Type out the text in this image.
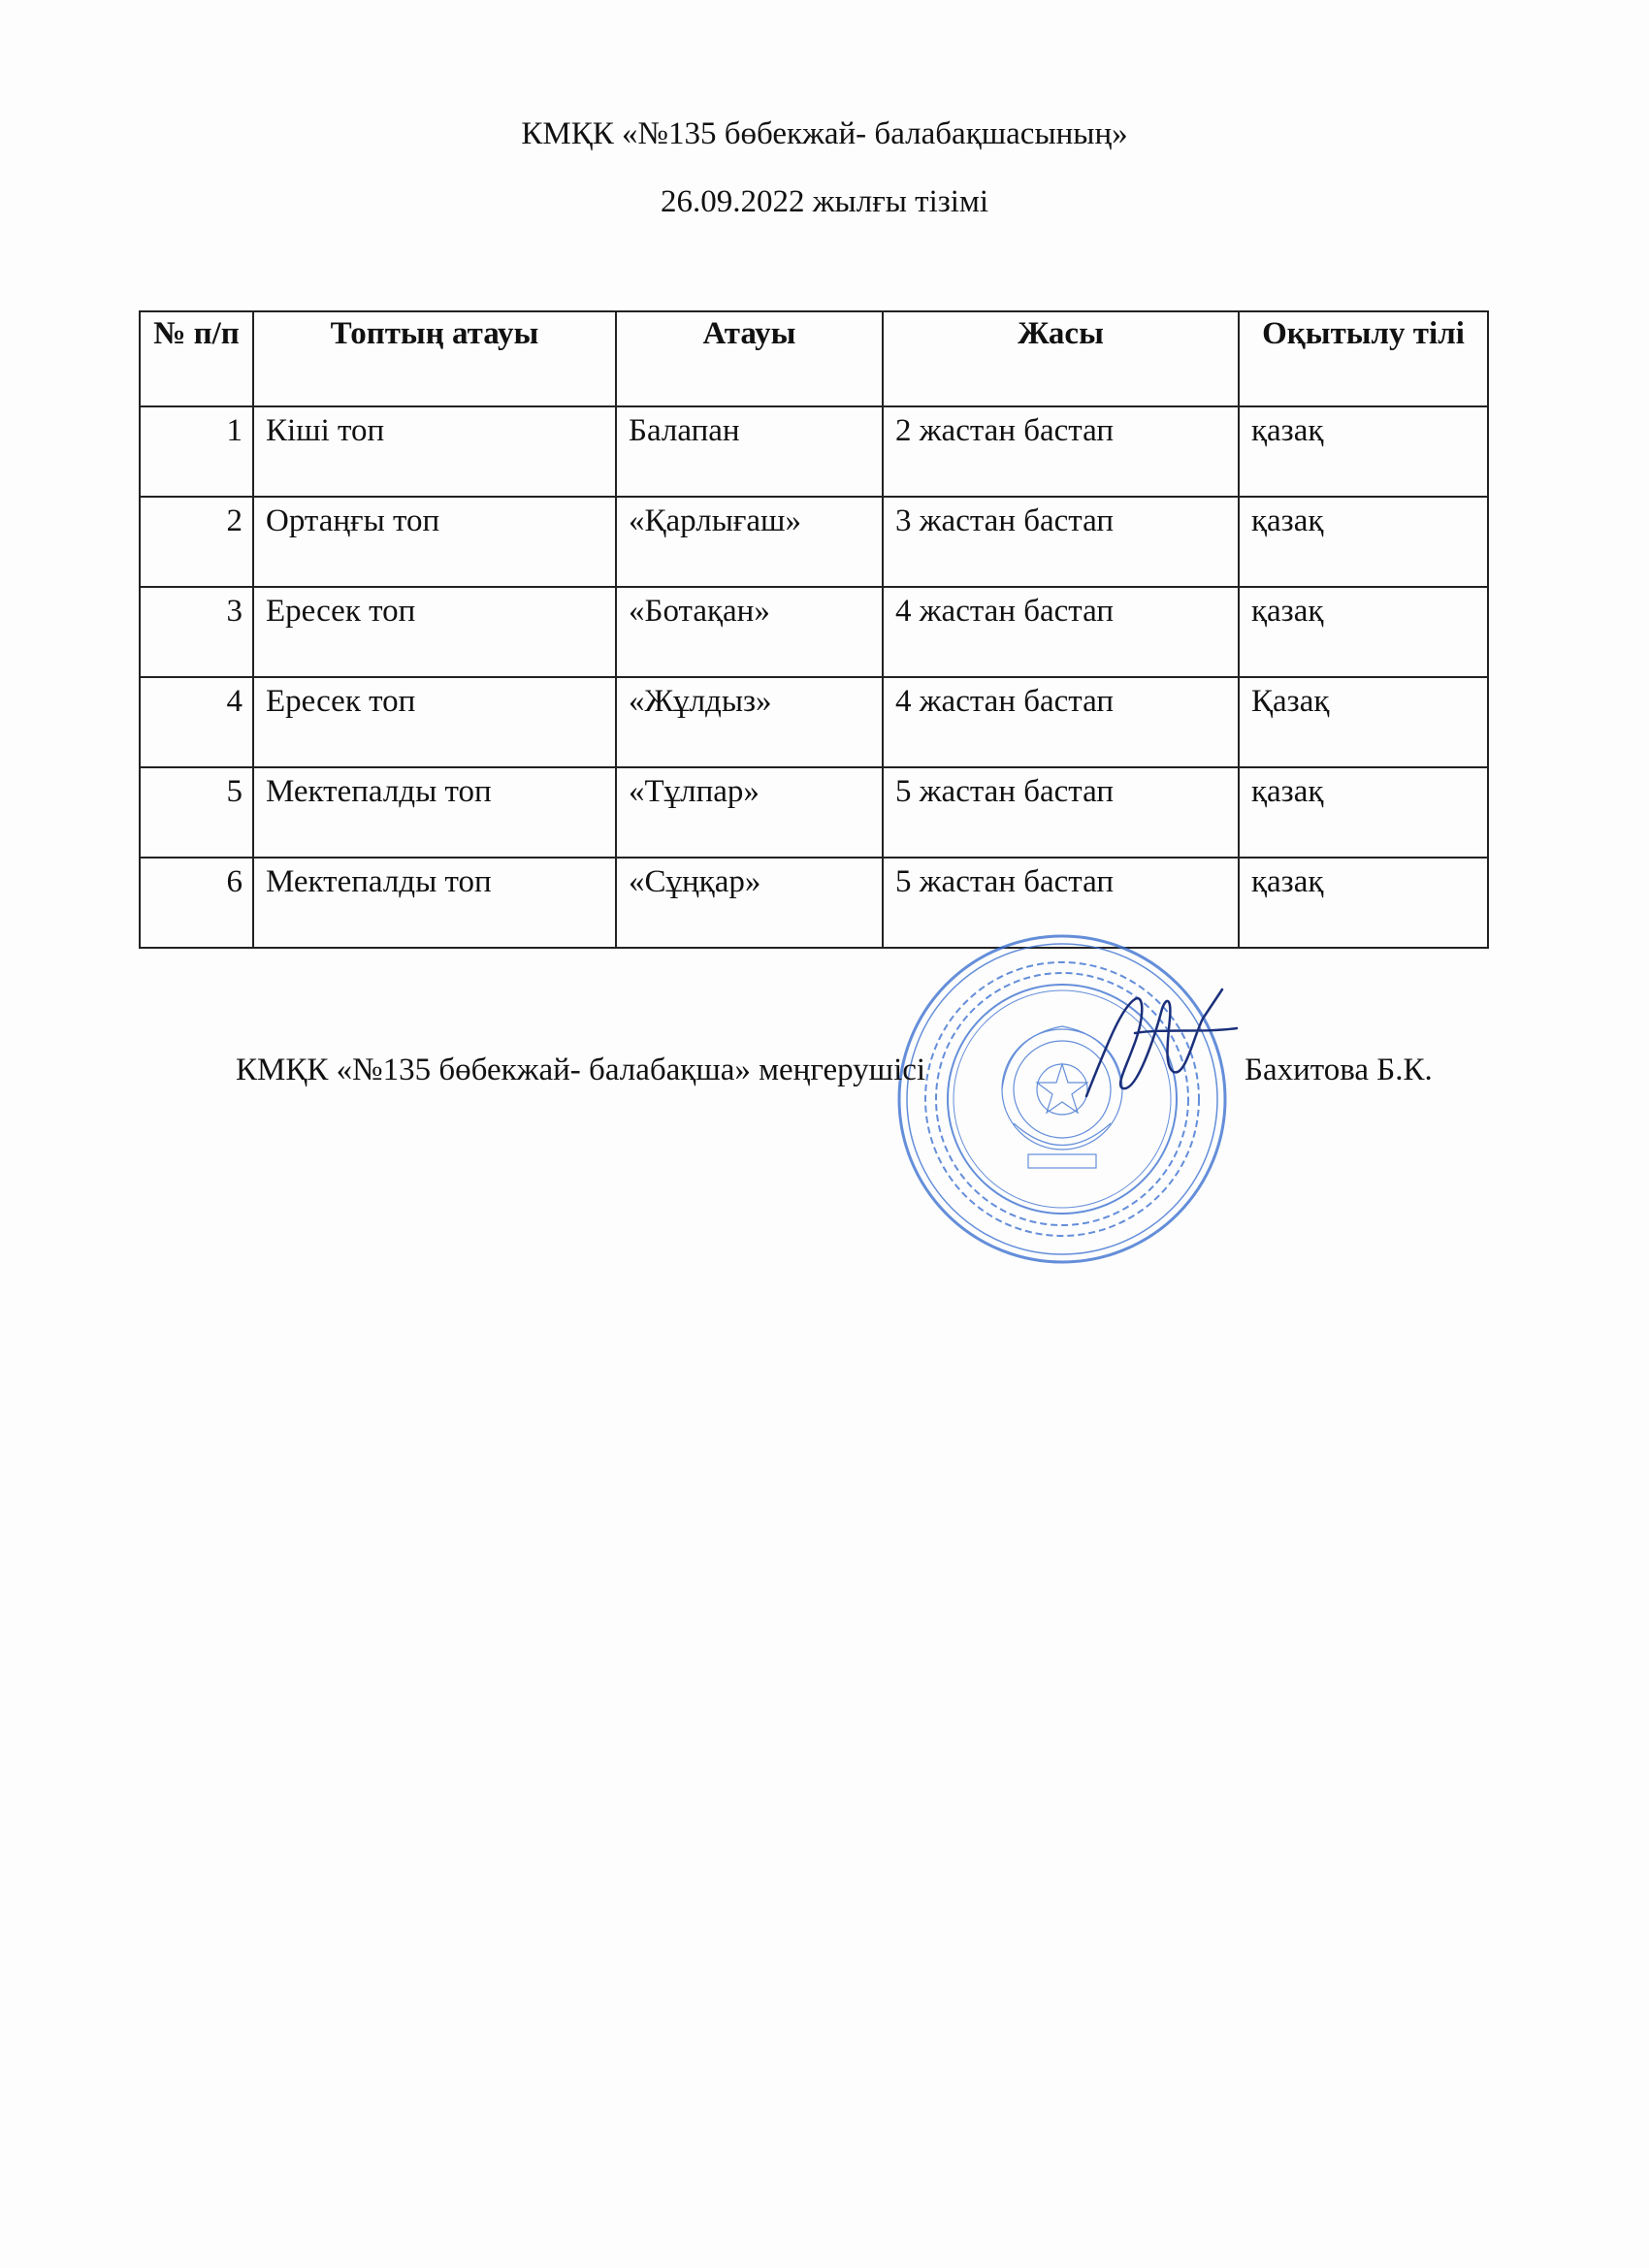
КМҚК «№135 бөбекжай- балабақшасының»
26.09.2022 жылғы тізімі
№ п/п	Топтың атауы	Атауы	Жасы	Оқытылу тілі
1	Кіші топ	Балапан	2 жастан бастап	қазақ
2	Ортаңғы топ	«Қарлығаш»	3 жастан бастап	қазақ
3	Ересек топ	«Ботақан»	4 жастан бастап	қазақ
4	Ересек топ	«Жұлдыз»	4 жастан бастап	Қазақ
5	Мектепалды топ	«Тұлпар»	5 жастан бастап	қазақ
6	Мектепалды топ	«Сұңқар»	5 жастан бастап	қазақ
КМҚК «№135 бөбекжай- балабақша» меңгерушісі	Бахитова Б.К.
